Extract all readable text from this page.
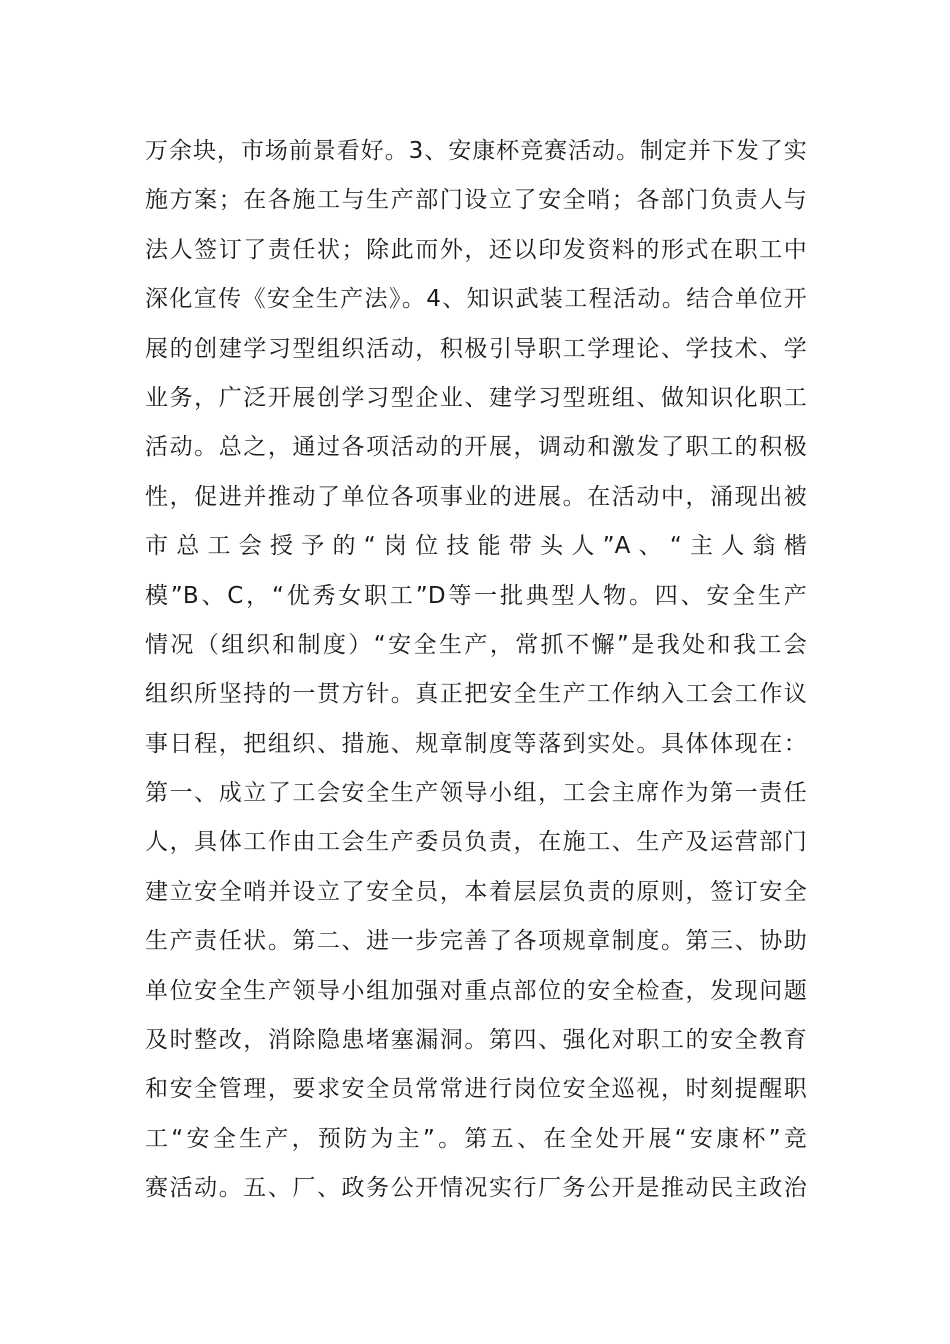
万余块，市场前景看好。3、安康杯竞赛活动。制定并下发了实
施方案；在各施工与生产部门设立了安全哨；各部门负责人与
法人签订了责任状；除此而外，还以印发资料的形式在职工中
深化宣传《安全生产法》。4、知识武装工程活动。结合单位开
展的创建学习型组织活动，积极引导职工学理论、学技术、学
业务，广泛开展创学习型企业、建学习型班组、做知识化职工
活动。总之，通过各项活动的开展，调动和激发了职工的积极
性，促进并推动了单位各项事业的进展。在活动中，涌现出被
市总工会授予的“岗位技能带头人”A、“主人翁楷
模”B、C，“优秀女职工”D等一批典型人物。四、安全生产
情况（组织和制度）“安全生产，常抓不懈”是我处和我工会
组织所坚持的一贯方针。真正把安全生产工作纳入工会工作议
事日程，把组织、措施、规章制度等落到实处。具体体现在：
第一、成立了工会安全生产领导小组，工会主席作为第一责任
人，具体工作由工会生产委员负责，在施工、生产及运营部门
建立安全哨并设立了安全员，本着层层负责的原则，签订安全
生产责任状。第二、进一步完善了各项规章制度。第三、协助
单位安全生产领导小组加强对重点部位的安全检查，发现问题
及时整改，消除隐患堵塞漏洞。第四、强化对职工的安全教育
和安全管理，要求安全员常常进行岗位安全巡视，时刻提醒职
工“安全生产，预防为主”。第五、在全处开展“安康杯”竞
赛活动。五、厂、政务公开情况实行厂务公开是推动民主政治
